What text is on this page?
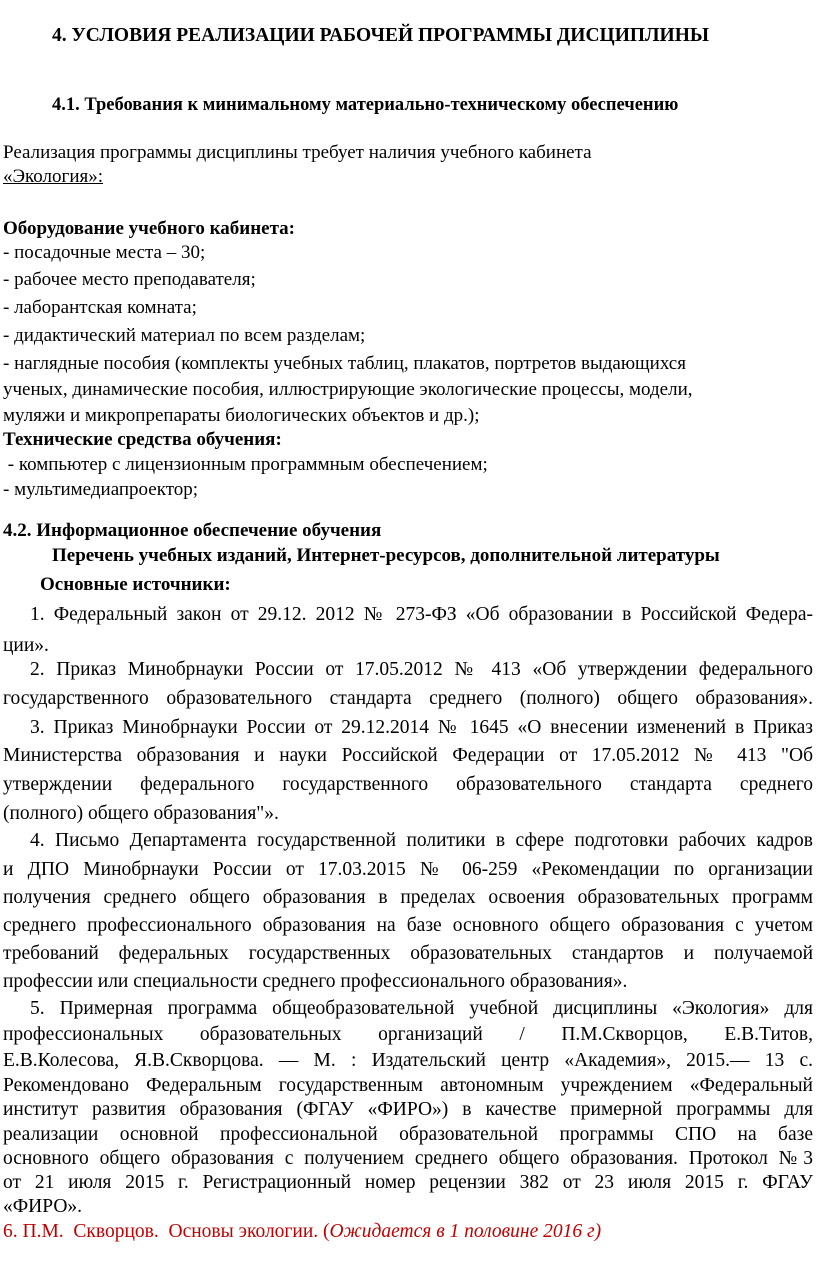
4. УСЛОВИЯ РЕАЛИЗАЦИИ РАБОЧЕЙ ПРОГРАММЫ ДИСЦИПЛИНЫ
4.1. Требования к минимальному материально-техническому обеспечению
Реализация программы дисциплины требует наличия учебного кабинета
«Экология»:
Оборудование учебного кабинета:
- посадочные места – 30;
- рабочее место преподавателя;
- лаборантская комната;
- дидактический материал по всем разделам;
- наглядные пособия (комплекты учебных таблиц, плакатов, портретов выдающихся
ученых, динамические пособия, иллюстрирующие экологические процессы, модели,
муляжи и микропрепараты биологических объектов и др.);
Технические средства обучения:
- компьютер с лицензионным программным обеспечением;
- мультимедиапроектор;
4.2. Информационное обеспечение обучения
Перечень учебных изданий, Интернет-ресурсов, дополнительной литературы
Основные источники:
1. Федеральный закон от 29.12. 2012 № 273-ФЗ «Об образовании в Российской Федера-
ции».
2. Приказ Минобрнауки России от 17.05.2012 № 413 «Об утверждении федерального
государственного образовательного стандарта среднего (полного) общего образования».
3. Приказ Минобрнауки России от 29.12.2014 № 1645 «О внесении изменений в Приказ
Министерства образования и науки Российской Федерации от 17.05.2012 № 413 "Об
утверждении федерального государственного образовательного стандарта среднего
(полного) общего образования"».
4. Письмо Департамента государственной политики в сфере подготовки рабочих кадров
и ДПО Минобрнауки России от 17.03.2015 № 06-259 «Рекомендации по организации
получения среднего общего образования в пределах освоения образовательных программ
среднего профессионального образования на базе основного общего образования с учетом
требований федеральных государственных образовательных стандартов и получаемой
профессии или специальности среднего профессионального образования».
5. Примерная программа общеобразовательной учебной дисциплины «Экология» для
профессиональных образовательных организаций / П.М.Скворцов, Е.В.Титов,
Е.В.Колесова, Я.В.Скворцова. — М. : Издательский центр «Академия», 2015.— 13 с.
Рекомендовано Федеральным государственным автономным учреждением «Федеральный
институт развития образования (ФГАУ «ФИРО») в качестве примерной программы для
реализации основной профессиональной образовательной программы СПО на базе
основного общего образования с получением среднего общего образования. Протокол №3
от 21 июля 2015 г. Регистрационный номер рецензии 382 от 23 июля 2015 г. ФГАУ
«ФИРО».
6. П.М.  Скворцов.  Основы экологии. (Ожидается в 1 половине 2016 г)
